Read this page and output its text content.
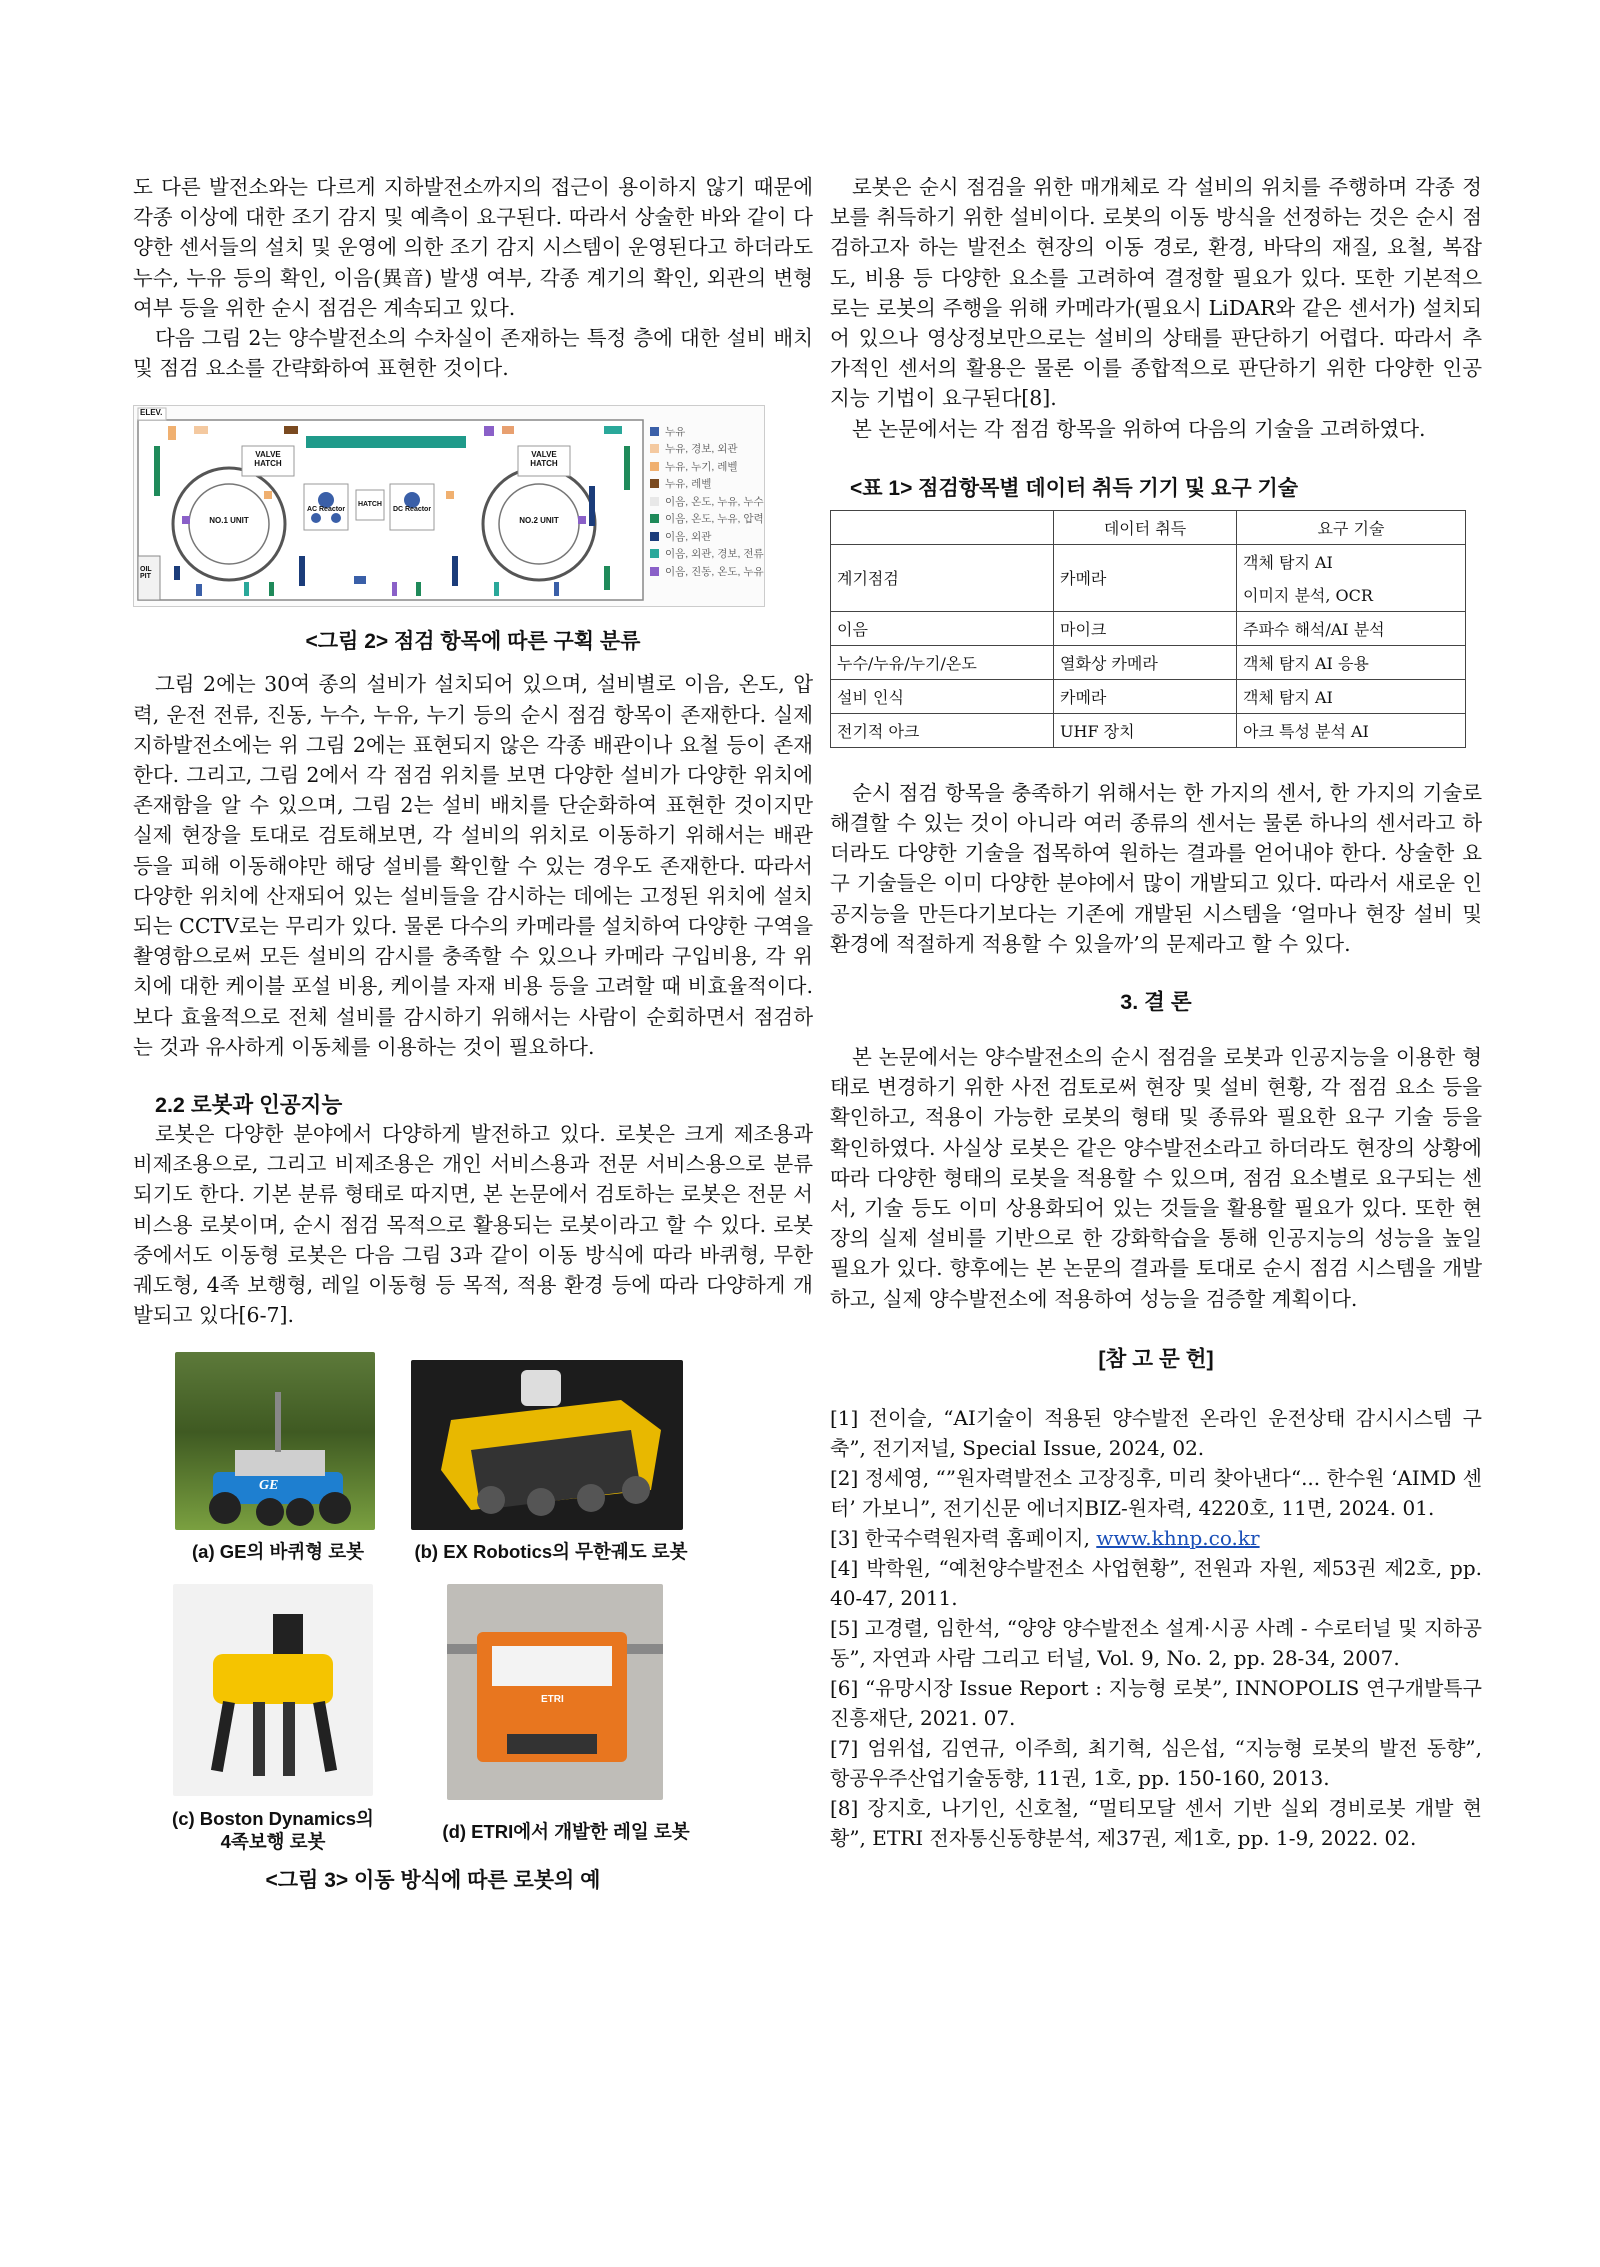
도 다른 발전소와는 다르게 지하발전소까지의 접근이 용이하지 않기 때문에 각종 이상에 대한 조기 감지 및 예측이 요구된다. 따라서 상술한 바와 같이 다양한 센서들의 설치 및 운영에 의한 조기 감지 시스템이 운영된다고 하더라도 누수, 누유 등의 확인, 이음(異音) 발생 여부, 각종 계기의 확인, 외관의 변형 여부 등을 위한 순시 점검은 계속되고 있다.

다음 그림 2는 양수발전소의 수차실이 존재하는 특정 층에 대한 설비 배치 및 점검 요소를 간략화하여 표현한 것이다.

ELEV.
VALVE HATCH
VALVE HATCH
AC Reactor
HATCH
DC Reactor
NO.1 UNIT	NO.2 UNIT
OIL PIT
누유
누유, 경보, 외관
누유, 누기, 레벨
누유, 레벨
이음, 온도, 누유, 누수
이음, 온도, 누유, 압력
이음, 외관
이음, 외관, 경보, 전류
이음, 진동, 온도, 누유
<그림 2> 점검 항목에 따른 구획 분류

그림 2에는 30여 종의 설비가 설치되어 있으며, 설비별로 이음, 온도, 압력, 운전 전류, 진동, 누수, 누유, 누기 등의 순시 점검 항목이 존재한다. 실제 지하발전소에는 위 그림 2에는 표현되지 않은 각종 배관이나 요철 등이 존재한다. 그리고, 그림 2에서 각 점검 위치를 보면 다양한 설비가 다양한 위치에 존재함을 알 수 있으며, 그림 2는 설비 배치를 단순화하여 표현한 것이지만 실제 현장을 토대로 검토해보면, 각 설비의 위치로 이동하기 위해서는 배관 등을 피해 이동해야만 해당 설비를 확인할 수 있는 경우도 존재한다. 따라서 다양한 위치에 산재되어 있는 설비들을 감시하는 데에는 고정된 위치에 설치되는 CCTV로는 무리가 있다. 물론 다수의 카메라를 설치하여 다양한 구역을 촬영함으로써 모든 설비의 감시를 충족할 수 있으나 카메라 구입비용, 각 위치에 대한 케이블 포설 비용, 케이블 자재 비용 등을 고려할 때 비효율적이다. 보다 효율적으로 전체 설비를 감시하기 위해서는 사람이 순회하면서 점검하는 것과 유사하게 이동체를 이용하는 것이 필요하다.

2.2 로봇과 인공지능

로봇은 다양한 분야에서 다양하게 발전하고 있다. 로봇은 크게 제조용과 비제조용으로, 그리고 비제조용은 개인 서비스용과 전문 서비스용으로 분류되기도 한다. 기본 분류 형태로 따지면, 본 논문에서 검토하는 로봇은 전문 서비스용 로봇이며, 순시 점검 목적으로 활용되는 로봇이라고 할 수 있다. 로봇 중에서도 이동형 로봇은 다음 그림 3과 같이 이동 방식에 따라 바퀴형, 무한궤도형, 4족 보행형, 레일 이동형 등 목적, 적용 환경 등에 따라 다양하게 개발되고 있다[6-7].

GE
(a) GE의 바퀴형 로봇	(b) EX Robotics의 무한궤도 로봇
ETRI
(c) Boston Dynamics의
4족보행 로봇	(d) ETRI에서 개발한 레일 로봇
<그림 3> 이동 방식에 따른 로봇의 예

로봇은 순시 점검을 위한 매개체로 각 설비의 위치를 주행하며 각종 정보를 취득하기 위한 설비이다. 로봇의 이동 방식을 선정하는 것은 순시 점검하고자 하는 발전소 현장의 이동 경로, 환경, 바닥의 재질, 요철, 복잡도, 비용 등 다양한 요소를 고려하여 결정할 필요가 있다. 또한 기본적으로는 로봇의 주행을 위해 카메라가(필요시 LiDAR와 같은 센서가) 설치되어 있으나 영상정보만으로는 설비의 상태를 판단하기 어렵다. 따라서 추가적인 센서의 활용은 물론 이를 종합적으로 판단하기 위한 다양한 인공지능 기법이 요구된다[8].

본 논문에서는 각 점검 항목을 위하여 다음의 기술을 고려하였다.

<표 1> 점검항목별 데이터 취득 기기 및 요구 기술
	데이터 취득	요구 기술
계기점검	카메라	객체 탐지 AI
		이미지 분석, OCR
이음	마이크	주파수 해석/AI 분석
누수/누유/누기/온도	열화상 카메라	객체 탐지 AI 응용
설비 인식	카메라	객체 탐지 AI
전기적 아크	UHF 장치	아크 특성 분석 AI

순시 점검 항목을 충족하기 위해서는 한 가지의 센서, 한 가지의 기술로 해결할 수 있는 것이 아니라 여러 종류의 센서는 물론 하나의 센서라고 하더라도 다양한 기술을 접목하여 원하는 결과를 얻어내야 한다. 상술한 요구 기술들은 이미 다양한 분야에서 많이 개발되고 있다. 따라서 새로운 인공지능을 만든다기보다는 기존에 개발된 시스템을 ‘얼마나 현장 설비 및 환경에 적절하게 적용할 수 있을까’의 문제라고 할 수 있다.

3. 결 론

본 논문에서는 양수발전소의 순시 점검을 로봇과 인공지능을 이용한 형태로 변경하기 위한 사전 검토로써 현장 및 설비 현황, 각 점검 요소 등을 확인하고, 적용이 가능한 로봇의 형태 및 종류와 필요한 요구 기술 등을 확인하였다. 사실상 로봇은 같은 양수발전소라고 하더라도 현장의 상황에 따라 다양한 형태의 로봇을 적용할 수 있으며, 점검 요소별로 요구되는 센서, 기술 등도 이미 상용화되어 있는 것들을 활용할 필요가 있다. 또한 현장의 실제 설비를 기반으로 한 강화학습을 통해 인공지능의 성능을 높일 필요가 있다. 향후에는 본 논문의 결과를 토대로 순시 점검 시스템을 개발하고, 실제 양수발전소에 적용하여 성능을 검증할 계획이다.

[참 고 문 헌]

[1] 전이슬, “AI기술이 적용된 양수발전 온라인 운전상태 감시시스템 구축”, 전기저널, Special Issue, 2024, 02.

[2] 정세영, “”원자력발전소 고장징후, 미리 찾아낸다“... 한수원 ‘AIMD 센터’ 가보니”, 전기신문 에너지BIZ-원자력, 4220호, 11면, 2024. 01.

[3] 한국수력원자력 홈페이지, www.khnp.co.kr

[4] 박학원, “예천양수발전소 사업현황”, 전원과 자원, 제53권 제2호, pp. 40-47, 2011.

[5] 고경렬, 임한석, “양양 양수발전소 설계·시공 사례 - 수로터널 및 지하공동”, 자연과 사람 그리고 터널, Vol. 9, No. 2, pp. 28-34, 2007.

[6] “유망시장 Issue Report : 지능형 로봇”, INNOPOLIS 연구개발특구진흥재단, 2021. 07.

[7] 엄위섭, 김연규, 이주희, 최기혁, 심은섭, “지능형 로봇의 발전 동향”, 항공우주산업기술동향, 11권, 1호, pp. 150-160, 2013.

[8] 장지호, 나기인, 신호철, “멀티모달 센서 기반 실외 경비로봇 개발 현황”, ETRI 전자통신동향분석, 제37권, 제1호, pp. 1-9, 2022. 02.
